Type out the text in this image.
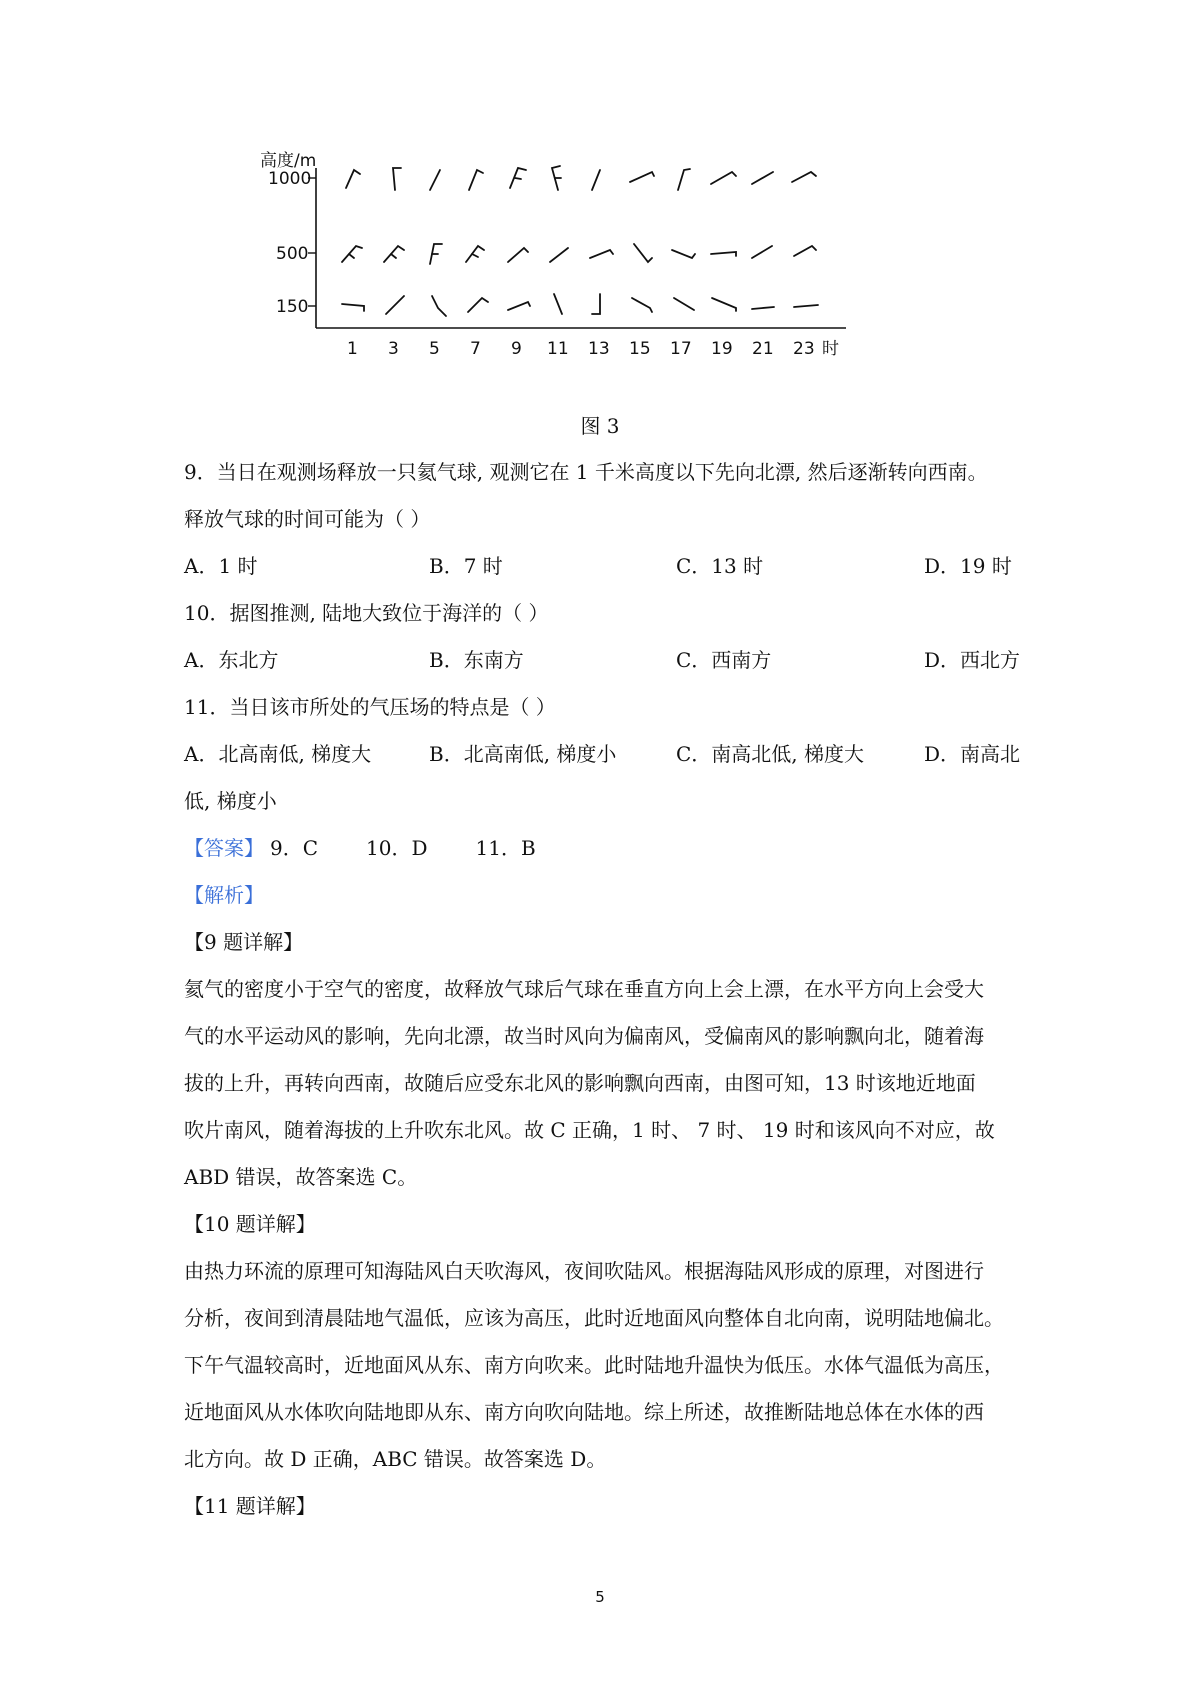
高度/m
1000
500
150
1 3 5 7 9 11 13 15 17 19 21 23 时
图 3
9．当日在观测场释放一只氦气球, 观测它在 1 千米高度以下先向北漂, 然后逐渐转向西南。
释放气球的时间可能为（ ）
A．1 时	B．7 时	C．13 时	D．19 时
10．据图推测, 陆地大致位于海洋的（ ）
A．东北方	B．东南方	C．西南方	D．西北方
11．当日该市所处的气压场的特点是（ ）
A．北高南低, 梯度大	B．北高南低, 梯度小	C．南高北低, 梯度大	D．南高北
低, 梯度小
【答案】 9．C 10．D 11．B
【解析】
【9 题详解】
氦气的密度小于空气的密度，故释放气球后气球在垂直方向上会上漂，在水平方向上会受大
气的水平运动风的影响，先向北漂，故当时风向为偏南风，受偏南风的影响飘向北，随着海
拔的上升，再转向西南，故随后应受东北风的影响飘向西南，由图可知，13 时该地近地面
吹片南风，随着海拔的上升吹东北风。故 C 正确，1 时、 7 时、 19 时和该风向不对应，故
ABD 错误，故答案选 C。
【10 题详解】
由热力环流的原理可知海陆风白天吹海风，夜间吹陆风。根据海陆风形成的原理，对图进行
分析，夜间到清晨陆地气温低，应该为高压，此时近地面风向整体自北向南，说明陆地偏北。
下午气温较高时，近地面风从东、南方向吹来。此时陆地升温快为低压。水体气温低为高压，
近地面风从水体吹向陆地即从东、南方向吹向陆地。综上所述，故推断陆地总体在水体的西
北方向。故 D 正确，ABC 错误。故答案选 D。
【11 题详解】
5
